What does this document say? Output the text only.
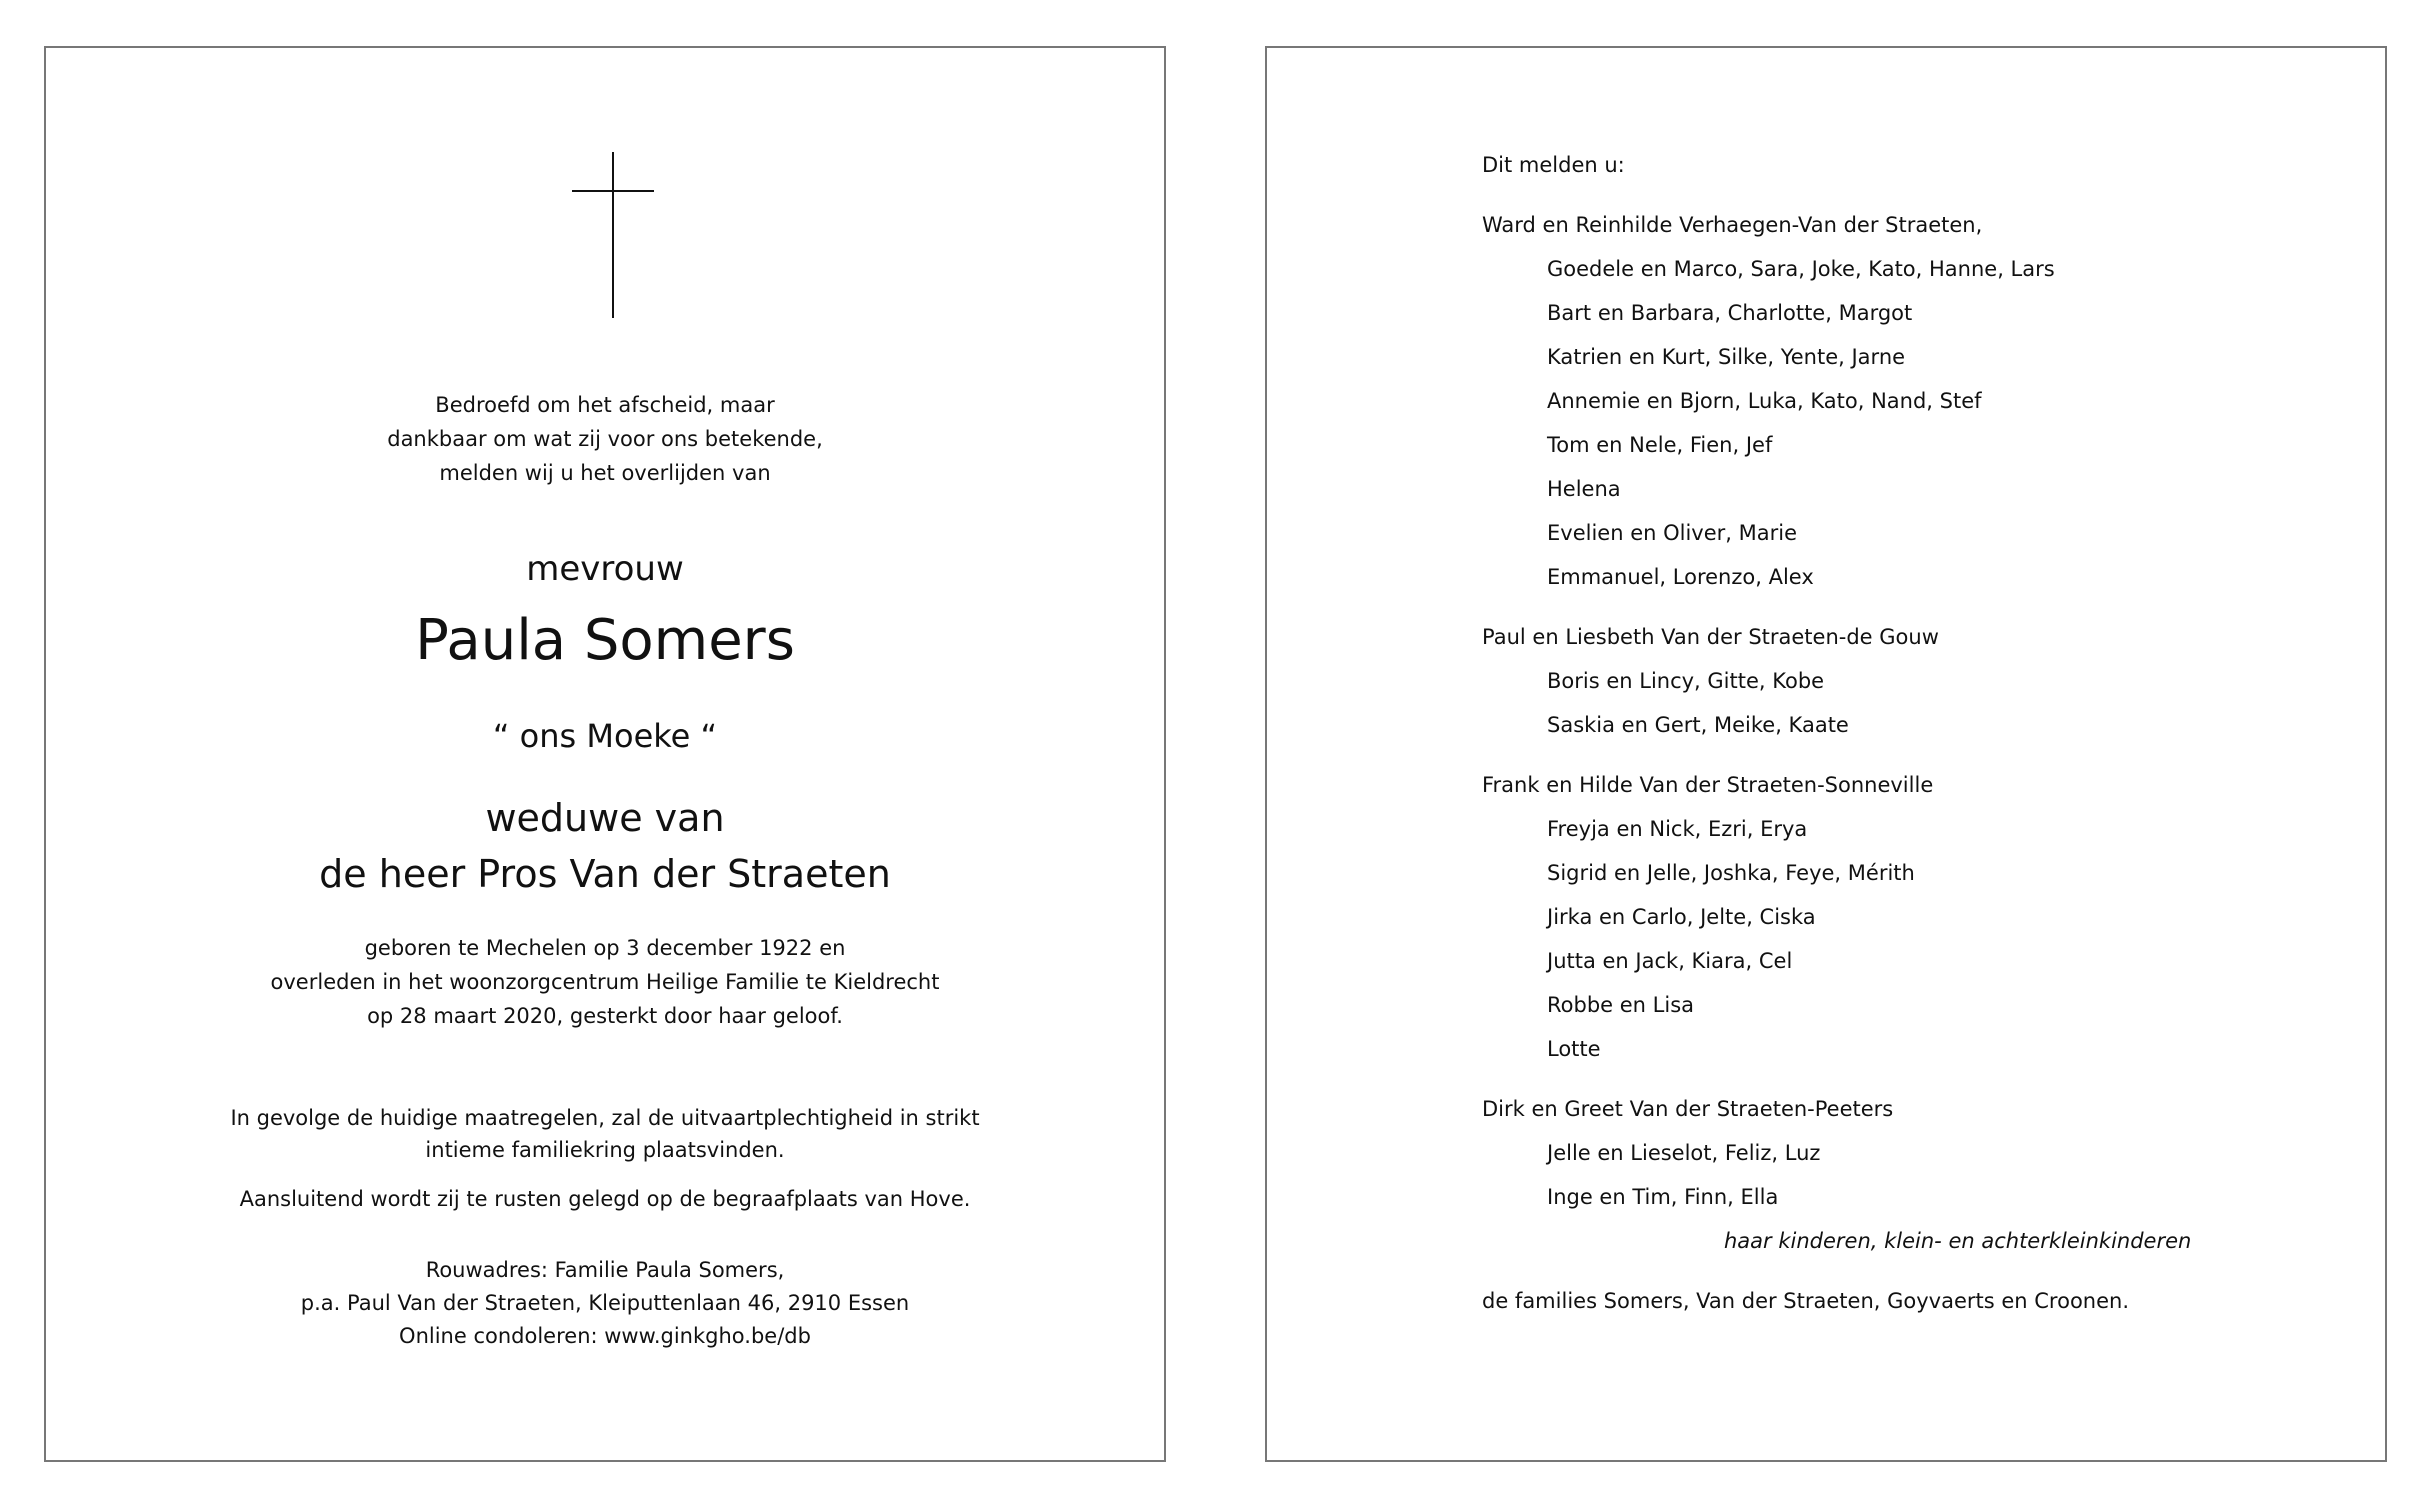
Bedroefd om het afscheid, maar
dankbaar om wat zij voor ons betekende,
melden wij u het overlijden van
mevrouw
Paula Somers
“ ons Moeke “
weduwe van
de heer Pros Van der Straeten
geboren te Mechelen op 3 december 1922 en
overleden in het woonzorgcentrum Heilige Familie te Kieldrecht
op 28 maart 2020, gesterkt door haar geloof.
In gevolge de huidige maatregelen, zal de uitvaartplechtigheid in strikt
intieme familiekring plaatsvinden.
Aansluitend wordt zij te rusten gelegd op de begraafplaats van Hove.
Rouwadres: Familie Paula Somers,
p.a. Paul Van der Straeten, Kleiputtenlaan 46, 2910 Essen
Online condoleren: www.ginkgho.be/db
Dit melden u:
Ward en Reinhilde Verhaegen-Van der Straeten,
Goedele en Marco, Sara, Joke, Kato, Hanne, Lars
Bart en Barbara, Charlotte, Margot
Katrien en Kurt, Silke, Yente, Jarne
Annemie en Bjorn, Luka, Kato, Nand, Stef
Tom en Nele, Fien, Jef
Helena
Evelien en Oliver, Marie
Emmanuel, Lorenzo, Alex
Paul en Liesbeth Van der Straeten-de Gouw
Boris en Lincy, Gitte, Kobe
Saskia en Gert, Meike, Kaate
Frank en Hilde Van der Straeten-Sonneville
Freyja en Nick, Ezri, Erya
Sigrid en Jelle, Joshka, Feye, Mérith
Jirka en Carlo, Jelte, Ciska
Jutta en Jack, Kiara, Cel
Robbe en Lisa
Lotte
Dirk en Greet Van der Straeten-Peeters
Jelle en Lieselot, Feliz, Luz
Inge en Tim, Finn, Ella
haar kinderen, klein- en achterkleinkinderen
de families Somers, Van der Straeten, Goyvaerts en Croonen.
